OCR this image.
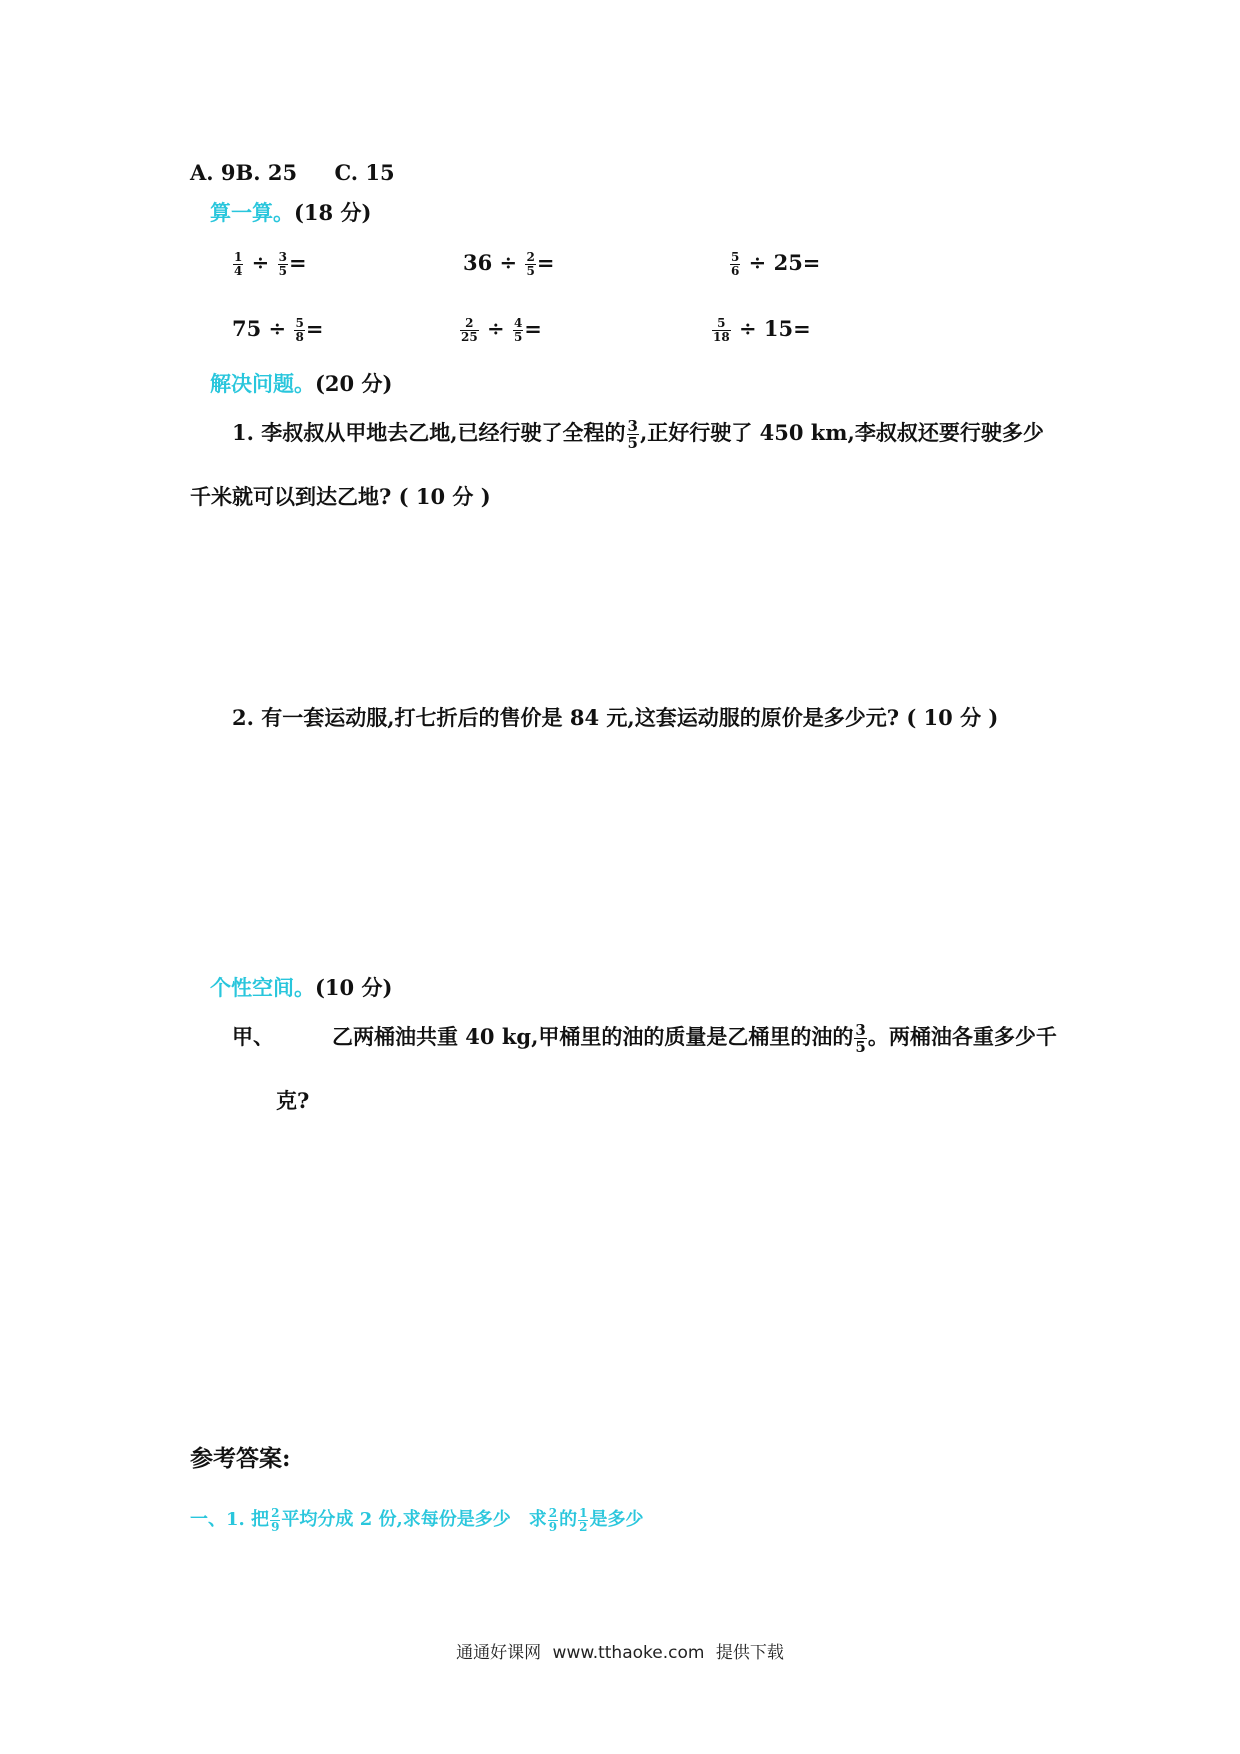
A. 9B. 25 C. 15
算一算。(18 分)
$\frac{1}{4} \div \frac{3}{5}$ =	$36 \div \frac{2}{5}$ =	$\frac{5}{6} \div 25=$
$75 \div \frac{5}{8}$ =	$\frac{2}{25} \div \frac{4}{5}$ =	$\frac{5}{18} \div 15=$
解决问题。(20 分)
1. 李叔叔从甲地去乙地,已经行驶了全程的 $\frac{3}{5}$ ,正好行驶了 450 km,李叔叔还要行驶多少
千米就可以到达乙地? ( 10 分 )
2. 有一套运动服,打七折后的售价是 84 元,这套运动服的原价是多少元? ( 10 分 )
个性空间。(10 分)
甲、	乙两桶油共重 40 kg,甲桶里的油的质量是乙桶里的油的 $\frac{3}{5}$ 。两桶油各重多少千
克?
参考答案:
一、1. 把 $\frac{2}{9}$ 平均分成 2 份,求每份是多少 求 $\frac{2}{9}$ 的 $\frac{1}{2}$ 是多少
通通好课网 www.tthaoke.com 提供下载
